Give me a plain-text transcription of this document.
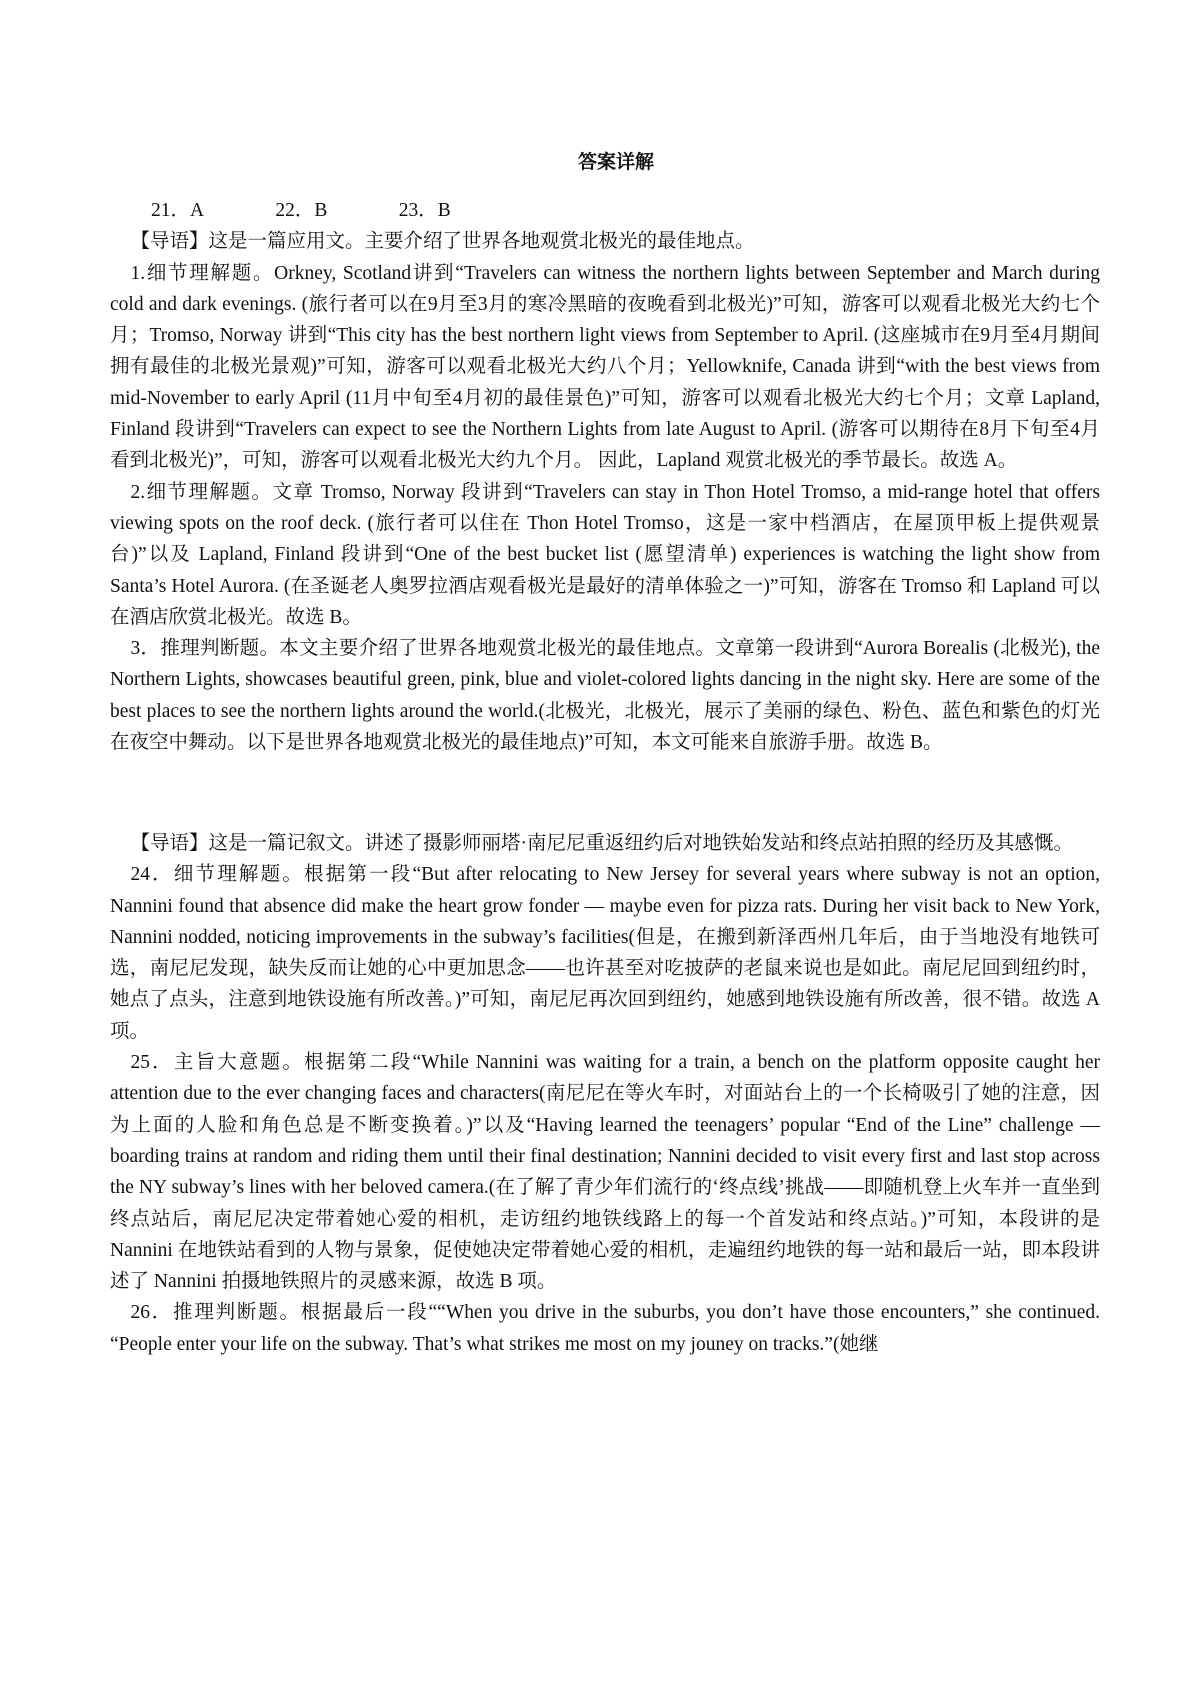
答案详解

21．A	22．B	23．B

【导语】这是一篇应用文。主要介绍了世界各地观赏北极光的最佳地点。

1.细节理解题。Orkney, Scotland讲到“Travelers can witness the northern lights between September and March during cold and dark evenings. (旅行者可以在9月至3月的寒冷黑暗的夜晚看到北极光)”可知，游客可以观看北极光大约七个月；Tromso, Norway 讲到“This city has the best northern light views from September to April. (这座城市在9月至4月期间拥有最佳的北极光景观)”可知，游客可以观看北极光大约八个月；Yellowknife, Canada 讲到“with the best views from mid-November to early April (11月中旬至4月初的最佳景色)”可知，游客可以观看北极光大约七个月；文章 Lapland, Finland 段讲到“Travelers can expect to see the Northern Lights from late August to April. (游客可以期待在8月下旬至4月看到北极光)”，可知，游客可以观看北极光大约九个月。 因此，Lapland 观赏北极光的季节最长。故选 A。

2.细节理解题。文章 Tromso, Norway 段讲到“Travelers can stay in Thon Hotel Tromso, a mid-range hotel that offers viewing spots on the roof deck. (旅行者可以住在 Thon Hotel Tromso，这是一家中档酒店，在屋顶甲板上提供观景台)”以及 Lapland, Finland 段讲到“One of the best bucket list (愿望清单) experiences is watching the light show from Santa’s Hotel Aurora. (在圣诞老人奥罗拉酒店观看极光是最好的清单体验之一)”可知，游客在 Tromso 和 Lapland 可以在酒店欣赏北极光。故选 B。

3．推理判断题。本文主要介绍了世界各地观赏北极光的最佳地点。文章第一段讲到“Aurora Borealis (北极光), the Northern Lights, showcases beautiful green, pink, blue and violet-colored lights dancing in the night sky. Here are some of the best places to see the northern lights around the world.(北极光，北极光，展示了美丽的绿色、粉色、蓝色和紫色的灯光在夜空中舞动。以下是世界各地观赏北极光的最佳地点)”可知，本文可能来自旅游手册。故选 B。

【导语】这是一篇记叙文。讲述了摄影师丽塔·南尼尼重返纽约后对地铁始发站和终点站拍照的经历及其感慨。

24．细节理解题。根据第一段“But after relocating to New Jersey for several years where subway is not an option, Nannini found that absence did make the heart grow fonder — maybe even for pizza rats. During her visit back to New York, Nannini nodded, noticing improvements in the subway’s facilities(但是，在搬到新泽西州几年后，由于当地没有地铁可选，南尼尼发现，缺失反而让她的心中更加思念——也许甚至对吃披萨的老鼠来说也是如此。南尼尼回到纽约时，她点了点头，注意到地铁设施有所改善。)”可知，南尼尼再次回到纽约，她感到地铁设施有所改善，很不错。故选 A 项。

25．主旨大意题。根据第二段“While Nannini was waiting for a train, a bench on the platform opposite caught her attention due to the ever changing faces and characters(南尼尼在等火车时，对面站台上的一个长椅吸引了她的注意，因为上面的人脸和角色总是不断变换着。)”以及“Having learned the teenagers’ popular “End of the Line” challenge — boarding trains at random and riding them until their final destination; Nannini decided to visit every first and last stop across the NY subway’s lines with her beloved camera.(在了解了青少年们流行的‘终点线’挑战——即随机登上火车并一直坐到终点站后，南尼尼决定带着她心爱的相机，走访纽约地铁线路上的每一个首发站和终点站。)”可知，本段讲的是 Nannini 在地铁站看到的人物与景象，促使她决定带着她心爱的相机，走遍纽约地铁的每一站和最后一站，即本段讲述了 Nannini 拍摄地铁照片的灵感来源，故选 B 项。

26．推理判断题。根据最后一段““When you drive in the suburbs, you don’t have those encounters,” she continued. “People enter your life on the subway. That’s what strikes me most on my jouney on tracks.”(她继
